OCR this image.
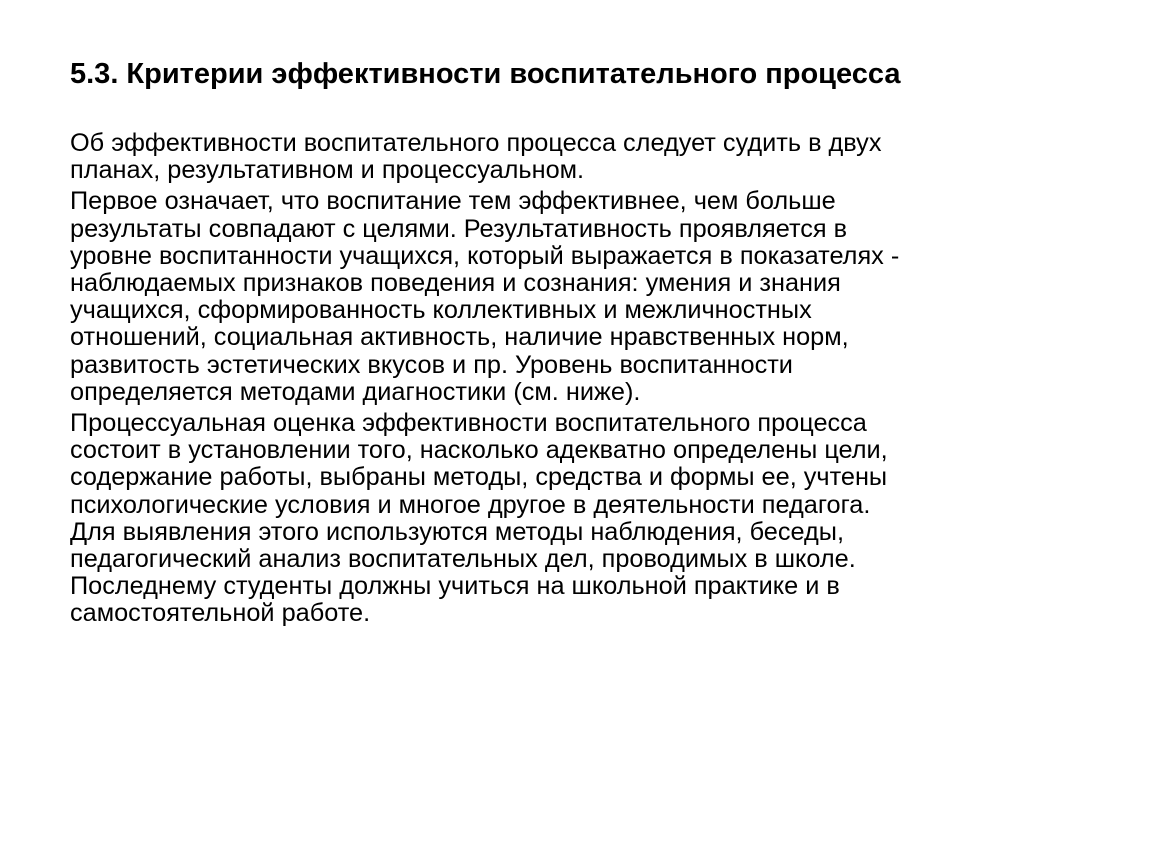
5.3. Критерии эффективности воспитательного процесса

Об эффективности воспитательного процесса следует судить в двух
планах, результативном и процессуальном.

Первое означает, что воспитание тем эффективнее, чем больше
результаты совпадают с целями. Результативность проявляется в
уровне воспитанности учащихся, который выражается в показателях -
наблюдаемых признаков поведения и сознания: умения и знания
учащихся, сформированность коллективных и межличностных
отношений, социальная активность, наличие нравственных норм,
развитость эстетических вкусов и пр. Уровень воспитанности
определяется методами диагностики (см. ниже).

Процессуальная оценка эффективности воспитательного процесса
состоит в установлении того, насколько адекватно определены цели,
содержание работы, выбраны методы, средства и формы ее, учтены
психологические условия и многое другое в деятельности педагога.
Для выявления этого используются методы наблюдения, беседы,
педагогический анализ воспитательных дел, проводимых в школе.
Последнему студенты должны учиться на школьной практике и в
самостоятельной работе.
